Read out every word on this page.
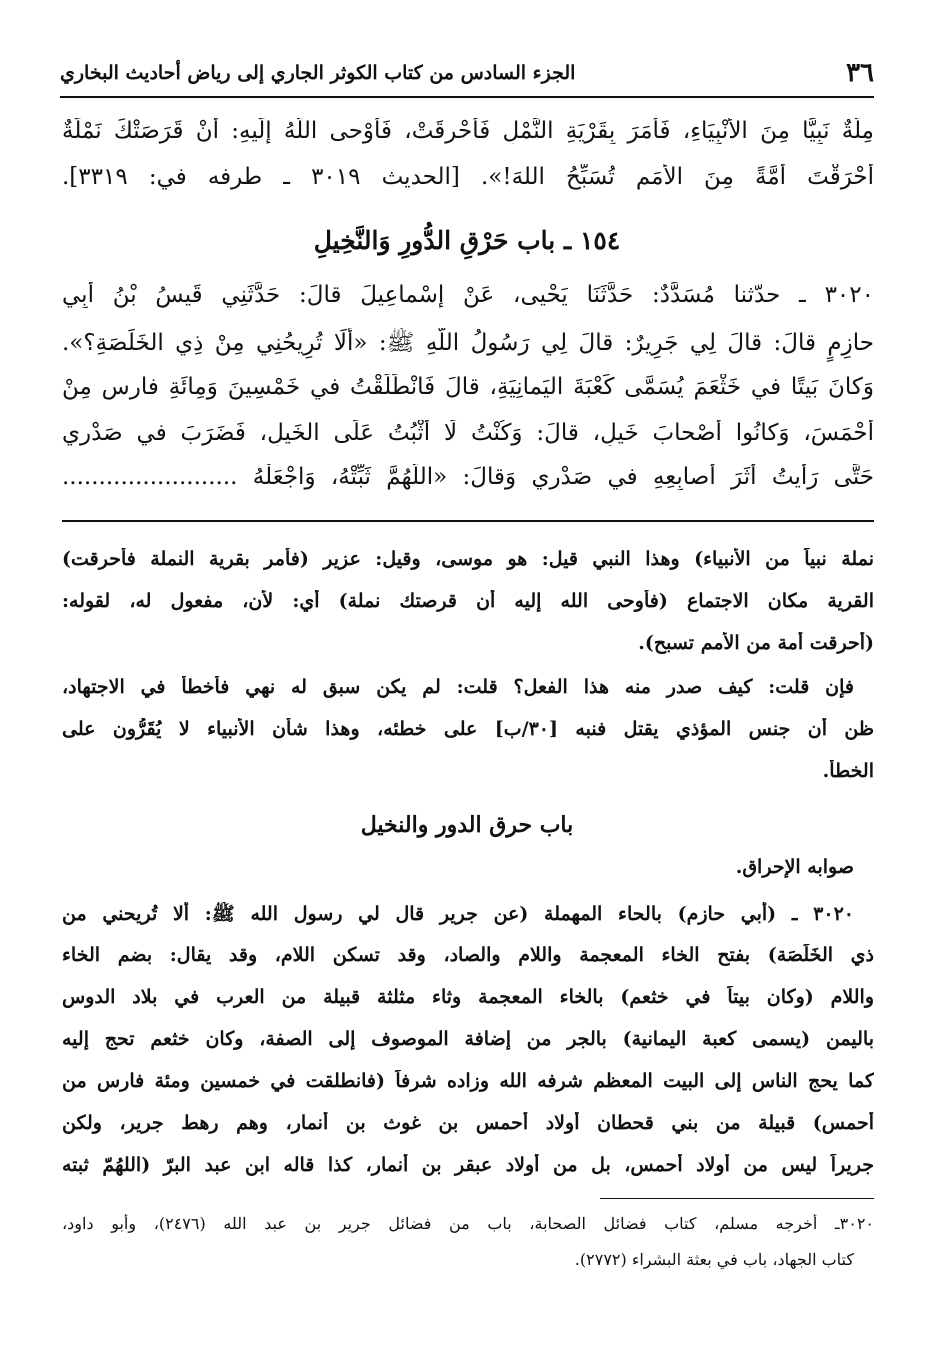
٣٦
الجزء السادس من كتاب الكوثر الجاري إلى رياض أحاديث البخاري
مِلَّةٌ نَبِيًّا مِنَ الأَنْبِيَاءِ، فَأَمَرَ بِقَرْيَةِ النَّمْلِ فَأُحْرِقَتْ، فَأَوْحى اللَّهُ إِلَيهِ: أَنْ قَرَصَتْكَ نَمْلَةٌ
أَحْرَقْتَ أُمَّةً مِنَ الأُمَمِ تُسَبِّحُ اللهَ!». [الحديث ٣٠١٩ ـ طرفه في: ٣٣١٩].
١٥٤ ـ باب حَرْقِ الدُّورِ وَالنَّخِيلِ
٣٠٢٠ ـ حدّثنا مُسَدَّدٌ: حَدَّثَنَا يَحْيى، عَنْ إِسْماعِيلَ قالَ: حَدَّثَنِي قَيسُ بْنُ أَبِي
حازِمٍ قالَ: قالَ لِي جَرِيرٌ: قالَ لِي رَسُولُ اللَّهِ ﷺ: «أَلَا تُرِيحُنِي مِنْ ذِي الخَلَصَةِ؟».
وَكانَ بَيتًا في خَثْعَمَ يُسَمَّى كَعْبَةَ اليَمانِيَةِ، قالَ فَانْطَلَقْتُ في خَمْسِينَ وَمِائَةِ فارِسٍ مِنْ
أَحْمَسَ، وَكانُوا أَصْحابَ خَيلٍ، قالَ: وَكُنْتُ لَا أَثْبُتُ عَلَى الخَيلِ، فَضَرَبَ في صَدْرِي
حَتَّى رَأَيتُ أَثَرَ أَصابِعِهِ في صَدْرِي وَقالَ: «اللَّهُمَّ ثَبِّتْهُ، وَاجْعَلْهُ ........................
نملة نبياً من الأنبياء) وهذا النبي قيل: هو موسى، وقيل: عزير (فأمر بقرية النملة فأحرقت)
القرية مكان الاجتماع (فأوحى الله إليه أن قرصتك نملة) أي: لأن، مفعول له، لقوله:
(أحرقت أمة من الأمم تسبح).
فإن قلت: كيف صدر منه هذا الفعل؟ قلت: لم يكن سبق له نهي فأخطأ في الاجتهاد،
ظن أن جنس المؤذي يقتل فنبه [٣٠/ب] على خطئه، وهذا شأن الأنبياء لا يُقَرُّون على
الخطأ.
باب حرق الدور والنخيل
صوابه الإحراق.
٣٠٢٠ ـ (أبي حازم) بالحاء المهملة (عن جرير قال لي رسول الله ﷺ: ألا تُريحني من
ذي الخَلَصَة) بفتح الخاء المعجمة واللام والصاد، وقد تسكن اللام، وقد يقال: بضم الخاء
واللام (وكان بيتاً في خثعم) بالخاء المعجمة وثاء مثلثة قبيلة من العرب في بلاد الدوس
باليمن (يسمى كعبة اليمانية) بالجر من إضافة الموصوف إلى الصفة، وكان خثعم تحج إليه
كما يحج الناس إلى البيت المعظم شرفه الله وزاده شرفاً (فانطلقت في خمسين ومئة فارس من
أحمس) قبيلة من بني قحطان أولاد أحمس بن غوث بن أنمار، وهم رهط جرير، ولكن
جريراً ليس من أولاد أحمس، بل من أولاد عبقر بن أنمار، كذا قاله ابن عبد البرّ (اللهُمّ ثبته
٣٠٢٠ـ أخرجه مسلم، كتاب فضائل الصحابة، باب من فضائل جرير بن عبد الله (٢٤٧٦)، وأبو داود،
كتاب الجهاد، باب في بعثة البشراء (٢٧٧٢).
